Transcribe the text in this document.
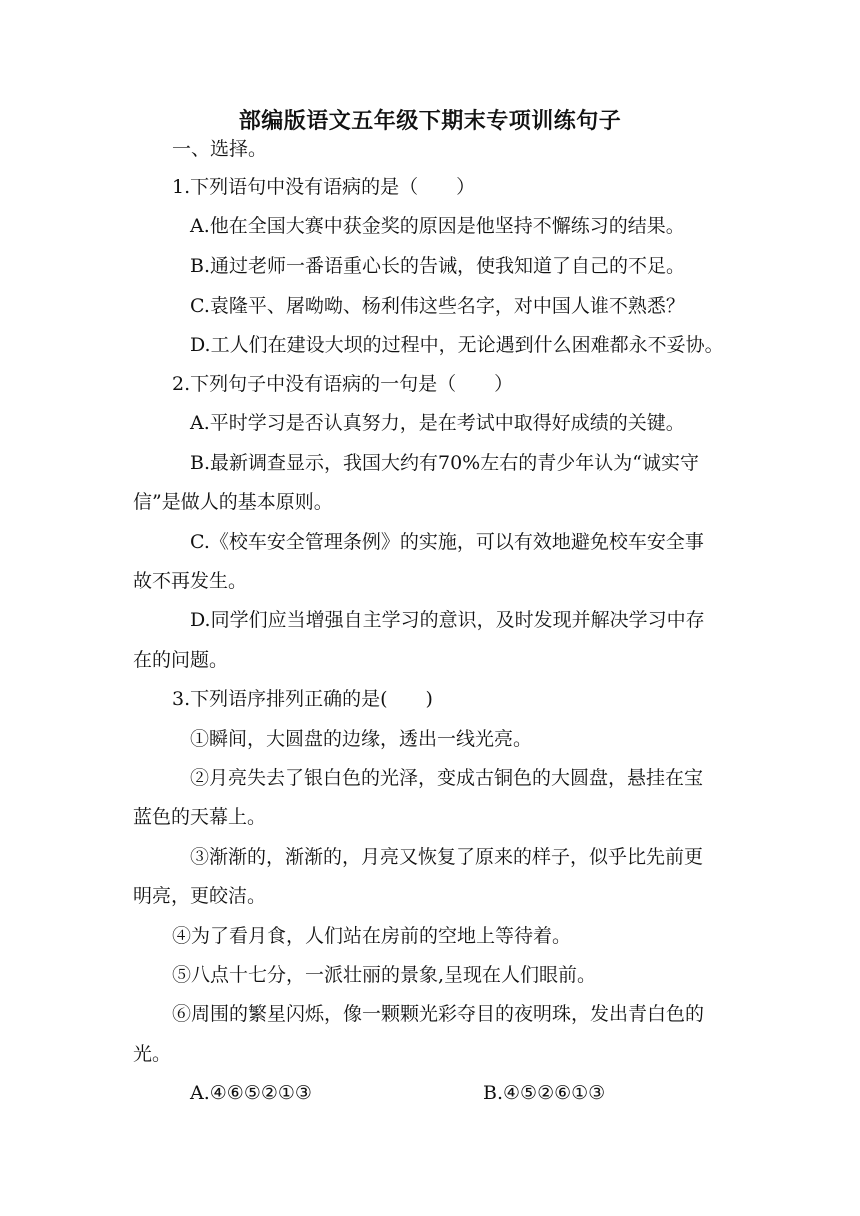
部编版语文五年级下期末专项训练句子
一、选择。
1.下列语句中没有语病的是（　　）
A.他在全国大赛中获金奖的原因是他坚持不懈练习的结果。
B.通过老师一番语重心长的告诫，使我知道了自己的不足。
C.袁隆平、屠呦呦、杨利伟这些名字，对中国人谁不熟悉？
D.工人们在建设大坝的过程中，无论遇到什么困难都永不妥协。
2.下列句子中没有语病的一句是（　　）
A.平时学习是否认真努力，是在考试中取得好成绩的关键。
B.最新调查显示，我国大约有70%左右的青少年认为“诚实守
信”是做人的基本原则。
C.《校车安全管理条例》的实施，可以有效地避免校车安全事
故不再发生。
D.同学们应当增强自主学习的意识，及时发现并解决学习中存
在的问题。
3.下列语序排列正确的是(　　)
①瞬间，大圆盘的边缘，透出一线光亮。
②月亮失去了银白色的光泽，变成古铜色的大圆盘，悬挂在宝
蓝色的天幕上。
③渐渐的，渐渐的，月亮又恢复了原来的样子，似乎比先前更
明亮，更皎洁。
④为了看月食，人们站在房前的空地上等待着。
⑤八点十七分，一派壮丽的景象,呈现在人们眼前。
⑥周围的繁星闪烁，像一颗颗光彩夺目的夜明珠，发出青白色的
光。
A.④⑥⑤②①③	B.④⑤②⑥①③
